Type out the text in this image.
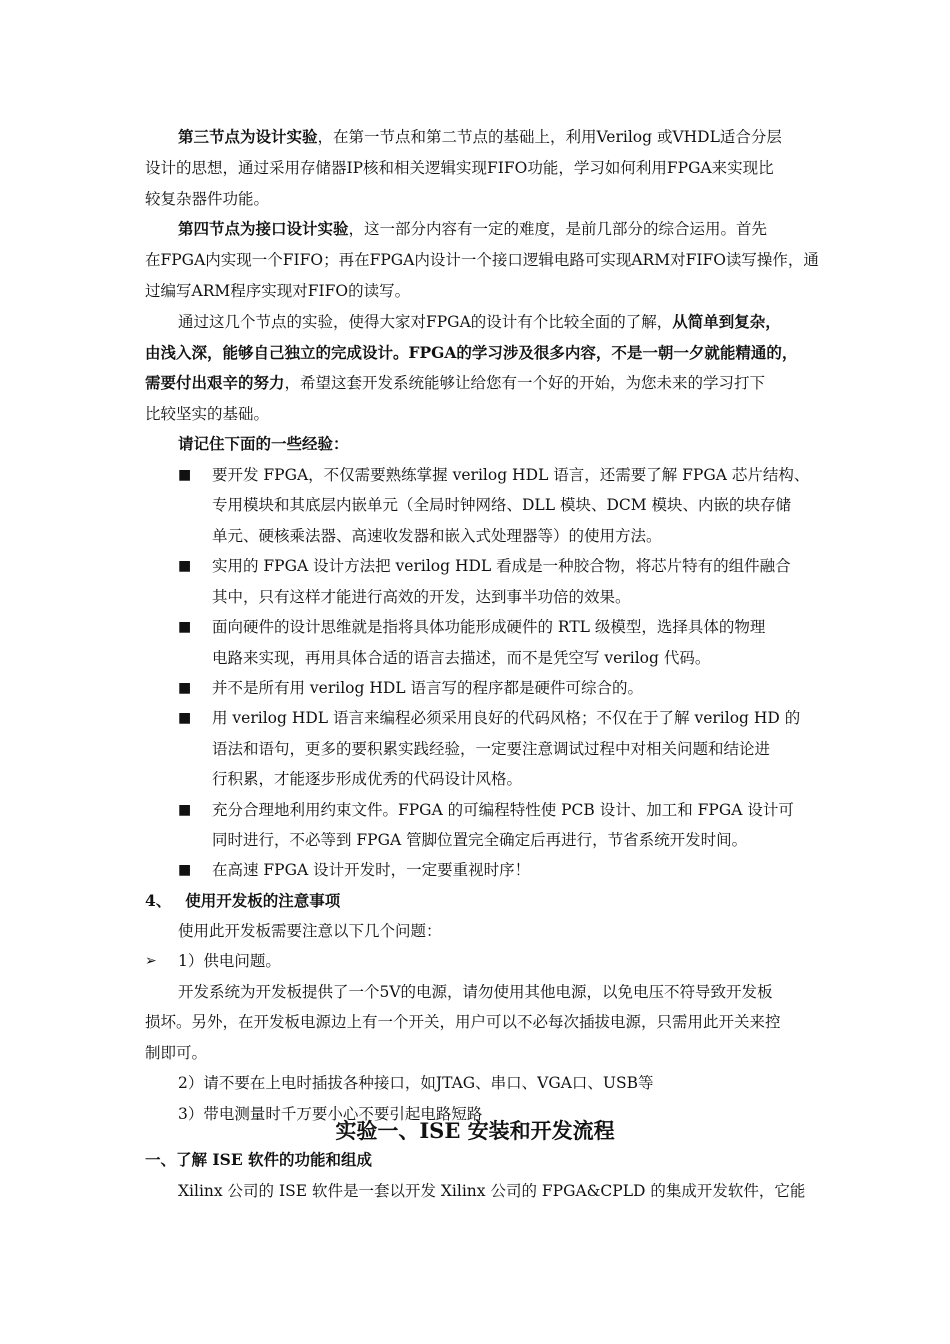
第三节点为设计实验，在第一节点和第二节点的基础上，利用Verilog 或VHDL适合分层
设计的思想，通过采用存储器IP核和相关逻辑实现FIFO功能，学习如何利用FPGA来实现比
较复杂器件功能。
第四节点为接口设计实验，这一部分内容有一定的难度，是前几部分的综合运用。首先
在FPGA内实现一个FIFO；再在FPGA内设计一个接口逻辑电路可实现ARM对FIFO读写操作，通
过编写ARM程序实现对FIFO的读写。
通过这几个节点的实验，使得大家对FPGA的设计有个比较全面的了解，从简单到复杂，
由浅入深，能够自己独立的完成设计。FPGA的学习涉及很多内容，不是一朝一夕就能精通的，
需要付出艰辛的努力，希望这套开发系统能够让给您有一个好的开始，为您未来的学习打下
比较坚实的基础。
请记住下面的一些经验：
■ 要开发 FPGA，不仅需要熟练掌握 verilog HDL 语言，还需要了解 FPGA 芯片结构、
专用模块和其底层内嵌单元（全局时钟网络、DLL 模块、DCM 模块、内嵌的块存储
单元、硬核乘法器、高速收发器和嵌入式处理器等）的使用方法。
■ 实用的 FPGA 设计方法把 verilog HDL 看成是一种胶合物，将芯片特有的组件融合
其中，只有这样才能进行高效的开发，达到事半功倍的效果。
■ 面向硬件的设计思维就是指将具体功能形成硬件的 RTL 级模型，选择具体的物理
电路来实现，再用具体合适的语言去描述，而不是凭空写 verilog 代码。
■ 并不是所有用 verilog HDL 语言写的程序都是硬件可综合的。
■ 用 verilog HDL 语言来编程必须采用良好的代码风格；不仅在于了解 verilog HD 的
语法和语句，更多的要积累实践经验，一定要注意调试过程中对相关问题和结论进
行积累，才能逐步形成优秀的代码设计风格。
■ 充分合理地利用约束文件。FPGA 的可编程特性使 PCB 设计、加工和 FPGA 设计可
同时进行，不必等到 FPGA 管脚位置完全确定后再进行，节省系统开发时间。
■ 在高速 FPGA 设计开发时，一定要重视时序！
4、 使用开发板的注意事项
使用此开发板需要注意以下几个问题：
➢ 1）供电问题。
开发系统为开发板提供了一个5V的电源，请勿使用其他电源，以免电压不符导致开发板
损坏。另外，在开发板电源边上有一个开关，用户可以不必每次插拔电源，只需用此开关来控
制即可。
2）请不要在上电时插拔各种接口，如JTAG、串口、VGA口、USB等
3）带电测量时千万要小心不要引起电路短路
实验一、ISE 安装和开发流程
一、了解 ISE 软件的功能和组成
Xilinx 公司的 ISE 软件是一套以开发 Xilinx 公司的 FPGA&CPLD 的集成开发软件，它能
